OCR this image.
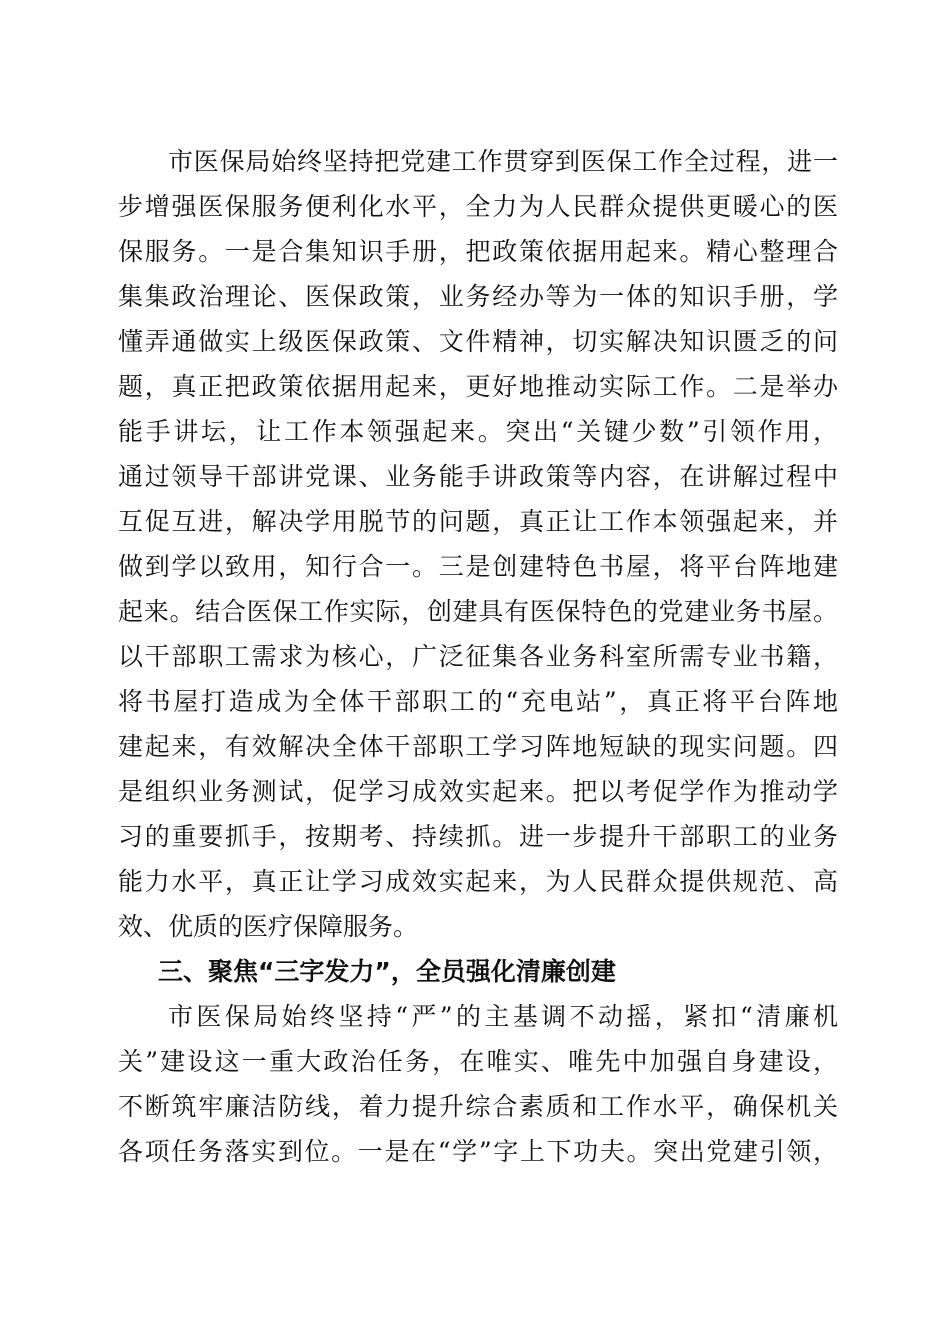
市医保局始终坚持把党建工作贯穿到医保工作全过程，进一
步增强医保服务便利化水平，全力为人民群众提供更暖心的医
保服务。一是合集知识手册，把政策依据用起来。精心整理合
集集政治理论、医保政策，业务经办等为一体的知识手册，学
懂弄通做实上级医保政策、文件精神，切实解决知识匮乏的问
题，真正把政策依据用起来，更好地推动实际工作。二是举办
能手讲坛，让工作本领强起来。突出“关键少数”引领作用，
通过领导干部讲党课、业务能手讲政策等内容，在讲解过程中
互促互进，解决学用脱节的问题，真正让工作本领强起来，并
做到学以致用，知行合一。三是创建特色书屋，将平台阵地建
起来。结合医保工作实际，创建具有医保特色的党建业务书屋。
以干部职工需求为核心，广泛征集各业务科室所需专业书籍，
将书屋打造成为全体干部职工的“充电站”，真正将平台阵地
建起来，有效解决全体干部职工学习阵地短缺的现实问题。四
是组织业务测试，促学习成效实起来。把以考促学作为推动学
习的重要抓手，按期考、持续抓。进一步提升干部职工的业务
能力水平，真正让学习成效实起来，为人民群众提供规范、高
效、优质的医疗保障服务。
三、聚焦“三字发力”，全员强化清廉创建
市医保局始终坚持“严”的主基调不动摇，紧扣“清廉机
关”建设这一重大政治任务，在唯实、唯先中加强自身建设，
不断筑牢廉洁防线，着力提升综合素质和工作水平，确保机关
各项任务落实到位。一是在“学”字上下功夫。突出党建引领，
